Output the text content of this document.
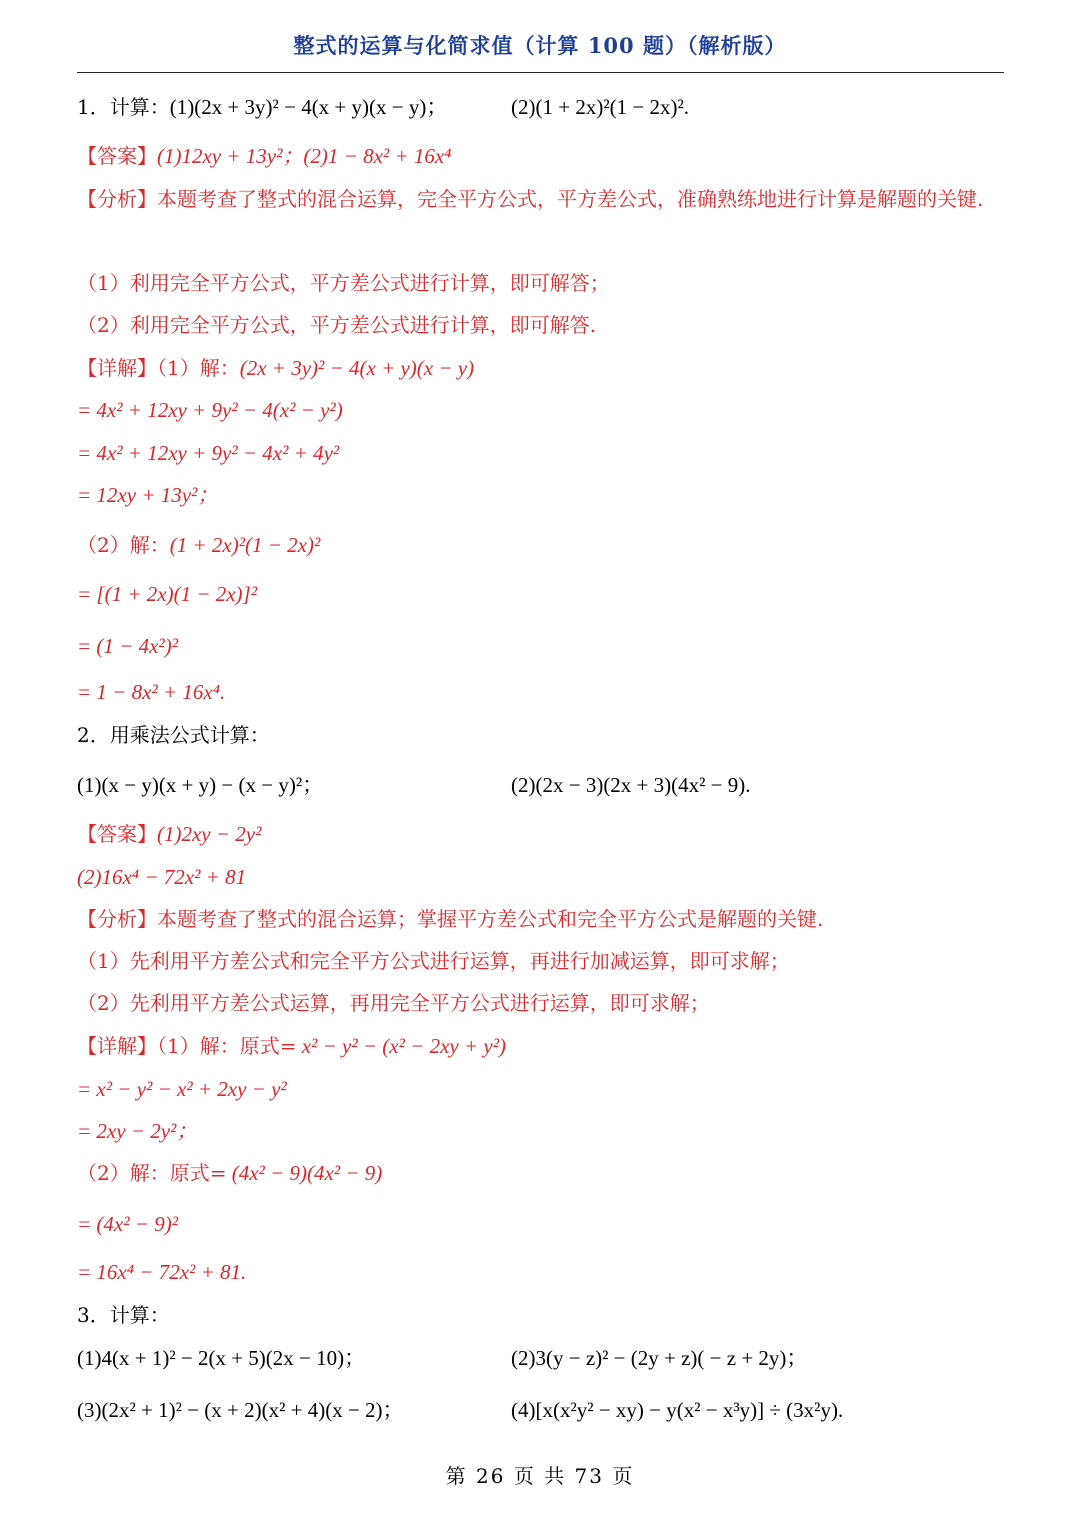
整式的运算与化简求值（计算 100 题）（解析版）
1．计算：(1)(2x + 3y)² − 4(x + y)(x − y)；	(2)(1 + 2x)²(1 − 2x)².
【答案】(1)12xy + 13y²；(2)1 − 8x² + 16x⁴
【分析】本题考查了整式的混合运算，完全平方公式，平方差公式，准确熟练地进行计算是解题的关键.
（1）利用完全平方公式，平方差公式进行计算，即可解答；
（2）利用完全平方公式，平方差公式进行计算，即可解答.
【详解】（1）解：(2x + 3y)² − 4(x + y)(x − y)
= 4x² + 12xy + 9y² − 4(x² − y²)
= 4x² + 12xy + 9y² − 4x² + 4y²
= 12xy + 13y²；
（2）解：(1 + 2x)²(1 − 2x)²
= [(1 + 2x)(1 − 2x)]²
= (1 − 4x²)²
= 1 − 8x² + 16x⁴.
2．用乘法公式计算：
(1)(x − y)(x + y) − (x − y)²；	(2)(2x − 3)(2x + 3)(4x² − 9).
【答案】(1)2xy − 2y²
(2)16x⁴ − 72x² + 81
【分析】本题考查了整式的混合运算；掌握平方差公式和完全平方公式是解题的关键.
（1）先利用平方差公式和完全平方公式进行运算，再进行加减运算，即可求解；
（2）先利用平方差公式运算，再用完全平方公式进行运算，即可求解；
【详解】（1）解：原式= x² − y² − (x² − 2xy + y²)
= x² − y² − x² + 2xy − y²
= 2xy − 2y²；
（2）解：原式= (4x² − 9)(4x² − 9)
= (4x² − 9)²
= 16x⁴ − 72x² + 81.
3．计算：
(1)4(x + 1)² − 2(x + 5)(2x − 10)；	(2)3(y − z)² − (2y + z)( − z + 2y)；
(3)(2x² + 1)² − (x + 2)(x² + 4)(x − 2)；	(4)[x(x²y² − xy) − y(x² − x³y)] ÷ (3x²y).
第 26 页 共 73 页
